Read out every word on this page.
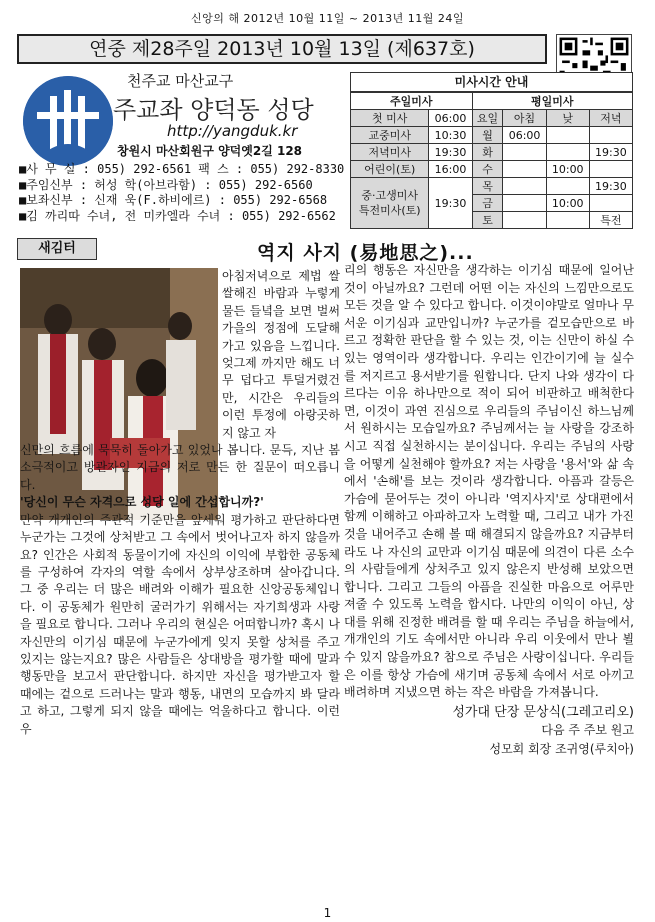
신앙의 해 2012년 10월 11일 ~ 2013년 11월 24일
연중 제28주일 2013년 10월 13일 (제637호)
천주교 마산교구
주교좌 양덕동 성당
http://yangduk.kr
창원시 마산회원구 양덕옛2길 128
■사 무 실 : 055) 292-6561 팩 스 : 055) 292-8330
■주임신부 : 허성 학(아브라함) : 055) 292-6560
■보좌신부 : 신재 욱(F.하비에르) : 055) 292-6568
■김 까리따 수녀, 전 미카엘라 수녀 : 055) 292-6562
미사시간 안내
주일미사		평일미사			
첫 미사	06:00	요일	아침	낮	저녁
교중미사	10:30	월	06:00		
저녁미사	19:30	화			19:30
어린이(토)	16:00	수		10:00	
중·고생미사
특전미사(토)	19:30	목			19:30
		금		10:00	
		토			특전
새김터	역지 사지 (易地思之)...

아침저녁으로 제법 쌀쌀해진 바람과 누렇게 물든 들녘을 보면 벌써 가을의 정점에 도달해 가고 있음을 느낍니다. 엊그제 까지만 해도 너무 덥다고 투덜거렸건만, 시간은 우리들의 이런 투정에 아랑곳하지 않고 자

신만의 흐름에 묵묵히 돌아가고 있었나 봅니다. 문득, 지난 봄 소극적이고 방관자인 지금의 저로 만든 한 질문이 떠오릅니다.

'당신이 무슨 자격으로 성당 일에 간섭합니까?'

만약 개개인의 주관적 기준만을 앞세워 평가하고 판단하다면 누군가는 그것에 상처받고 그 속에서 벗어나고자 하지 않을까요? 인간은 사회적 동물이기에 자신의 이익에 부합한 공동체를 구성하여 각자의 역할 속에서 상부상조하며 살아갑니다. 그 중 우리는 더 많은 배려와 이해가 필요한 신앙공동체입니다. 이 공동체가 원만히 굴러가기 위해서는 자기희생과 사랑을 필요로 합니다. 그러나 우리의 현실은 어떠합니까? 혹시 나 자신만의 이기심 때문에 누군가에게 잊지 못할 상처를 주고 있지는 않는지요? 많은 사람들은 상대방을 평가할 때에 말과 행동만을 보고서 판단합니다. 하지만 자신을 평가받고자 할 때에는 겉으로 드러나는 말과 행동, 내면의 모습까지 봐 달라고 하고, 그렇게 되지 않을 때에는 억울하다고 합니다. 이런 우

리의 행동은 자신만을 생각하는 이기심 때문에 일어난 것이 아닐까요? 그런데 어떤 이는 자신의 느낌만으로도 모든 것을 알 수 있다고 합니다. 이것이야말로 얼마나 무서운 이기심과 교만입니까? 누군가를 겉모습만으로 바르고 정확한 판단을 할 수 있는 것, 이는 신만이 하실 수 있는 영역이라 생각합니다. 우리는 인간이기에 늘 실수를 저지르고 용서받기를 원합니다. 단지 나와 생각이 다르다는 이유 하나만으로 적이 되어 비판하고 배척한다면, 이것이 과연 진심으로 우리들의 주님이신 하느님께서 원하시는 모습일까요? 주님께서는 늘 사랑을 강조하시고 직접 실천하시는 분이십니다. 우리는 주님의 사랑을 어떻게 실천해야 할까요? 저는 사랑을 '용서'와 삶 속에서 '손해'를 보는 것이라 생각합니다. 아픔과 갈등은 가슴에 묻어두는 것이 아니라 '역지사지'로 상대편에서 함께 이해하고 아파하고자 노력할 때, 그리고 내가 가진 것을 내어주고 손해 볼 때 해결되지 않을까요? 지금부터라도 나 자신의 교만과 이기심 때문에 의견이 다른 소수의 사람들에게 상처주고 있지 않은지 반성해 보았으면 합니다. 그리고 그들의 아픔을 진실한 마음으로 어루만져줄 수 있도록 노력을 합시다. 나만의 이익이 아닌, 상대를 위해 진정한 배려를 할 때 우리는 주님을 하늘에서, 개개인의 기도 속에서만 아니라 우리 이웃에서 만나 뵐 수 있지 않을까요? 참으로 주님은 사랑이십니다. 우리들은 이를 항상 가슴에 새기며 공동체 속에서 서로 아끼고 배려하며 지냈으면 하는 작은 바람을 가져봅니다.

성가대 단장 문상식(그레고리오)

다음 주 주보 원고

성모회 회장 조귀영(루치아)

1
